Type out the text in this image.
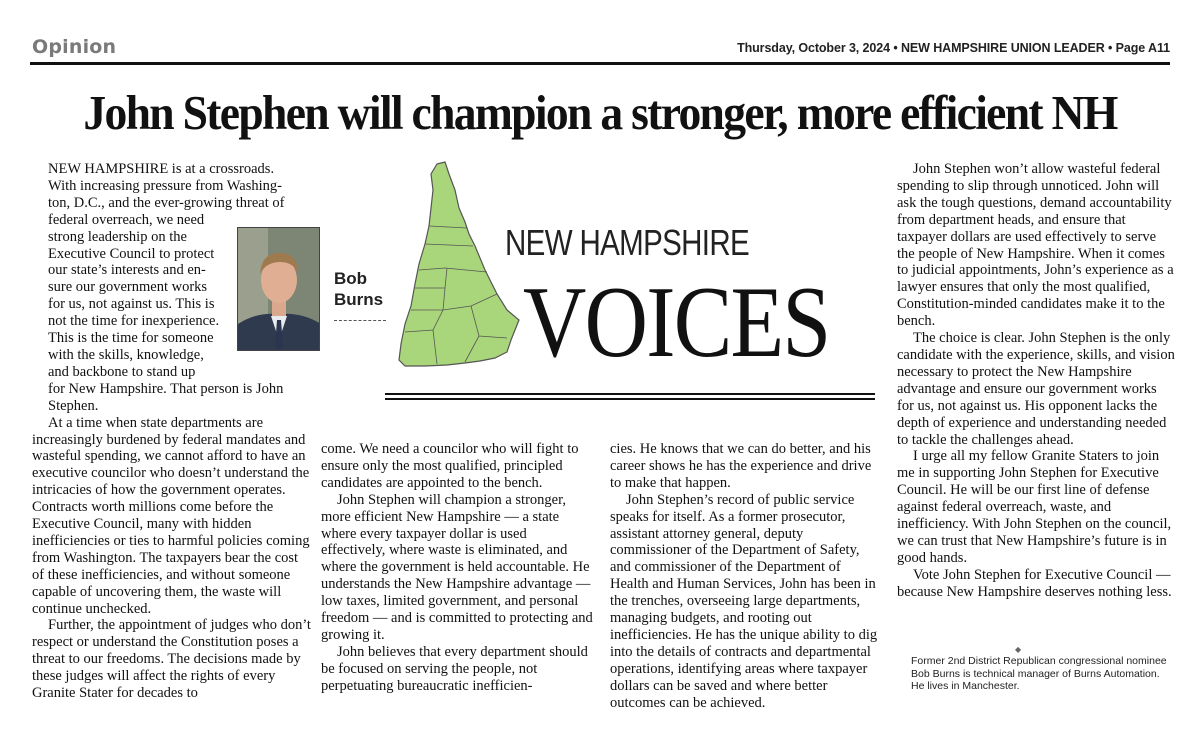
Opinion	Thursday, October 3, 2024 • NEW HAMPSHIRE UNION LEADER • Page A11
John Stephen will champion a stronger, more efficient NH

NEW HAMPSHIRE is at a crossroads.
With increasing pressure from Washing-
ton, D.C., and the ever-growing threat of
federal overreach, we need
strong leadership on the
Executive Council to protect
our state’s interests and en-
sure our government works
for us, not against us. This is
not the time for inexperience.
This is the time for someone
with the skills, knowledge,
and backbone to stand up
for New Hampshire. That person is John
Stephen.

At a time when state departments are increasingly burdened by federal mandates and wasteful spending, we cannot afford to have an executive councilor who doesn’t understand the intricacies of how the government operates. Contracts worth millions come before the Executive Council, many with hidden inefficiencies or ties to harmful policies coming from Washington. The taxpayers bear the cost of these inefficiencies, and without someone capable of uncovering them, the waste will continue unchecked.

Further, the appointment of judges who don’t respect or understand the Constitution poses a threat to our freedoms. The decisions made by these judges will affect the rights of every Granite Stater for decades to

Bob
Burns
NEW HAMPSHIRE
VOICES

come. We need a councilor who will fight to ensure only the most qualified, principled candidates are appointed to the bench.

John Stephen will champion a stronger, more efficient New Hampshire — a state where every taxpayer dollar is used effectively, where waste is eliminated, and where the government is held accountable. He understands the New Hampshire advantage — low taxes, limited government, and personal freedom — and is committed to protecting and growing it.

John believes that every department should be focused on serving the people, not perpetuating bureaucratic inefficien-

cies. He knows that we can do better, and his career shows he has the experience and drive to make that happen.

John Stephen’s record of public service speaks for itself. As a former prosecutor, assistant attorney general, deputy commissioner of the Department of Safety, and commissioner of the Department of Health and Human Services, John has been in the trenches, overseeing large departments, managing budgets, and rooting out inefficiencies. He has the unique ability to dig into the details of contracts and departmental operations, identifying areas where taxpayer dollars can be saved and where better outcomes can be achieved.

John Stephen won’t allow wasteful federal spending to slip through unnoticed. John will ask the tough questions, demand accountability from department heads, and ensure that taxpayer dollars are used effectively to serve the people of New Hampshire. When it comes to judicial appointments, John’s experience as a lawyer ensures that only the most qualified, Constitution-minded candidates make it to the bench.

The choice is clear. John Stephen is the only candidate with the experience, skills, and vision necessary to protect the New Hampshire advantage and ensure our government works for us, not against us. His opponent lacks the depth of experience and understanding needed to tackle the challenges ahead.

I urge all my fellow Granite Staters to join me in supporting John Stephen for Executive Council. He will be our first line of defense against federal overreach, waste, and inefficiency. With John Stephen on the council, we can trust that New Hampshire’s future is in good hands.

Vote John Stephen for Executive Council — because New Hampshire deserves nothing less.

◆
Former 2nd District Republican congressional nominee Bob Burns is technical manager of Burns Automation. He lives in Manchester.
